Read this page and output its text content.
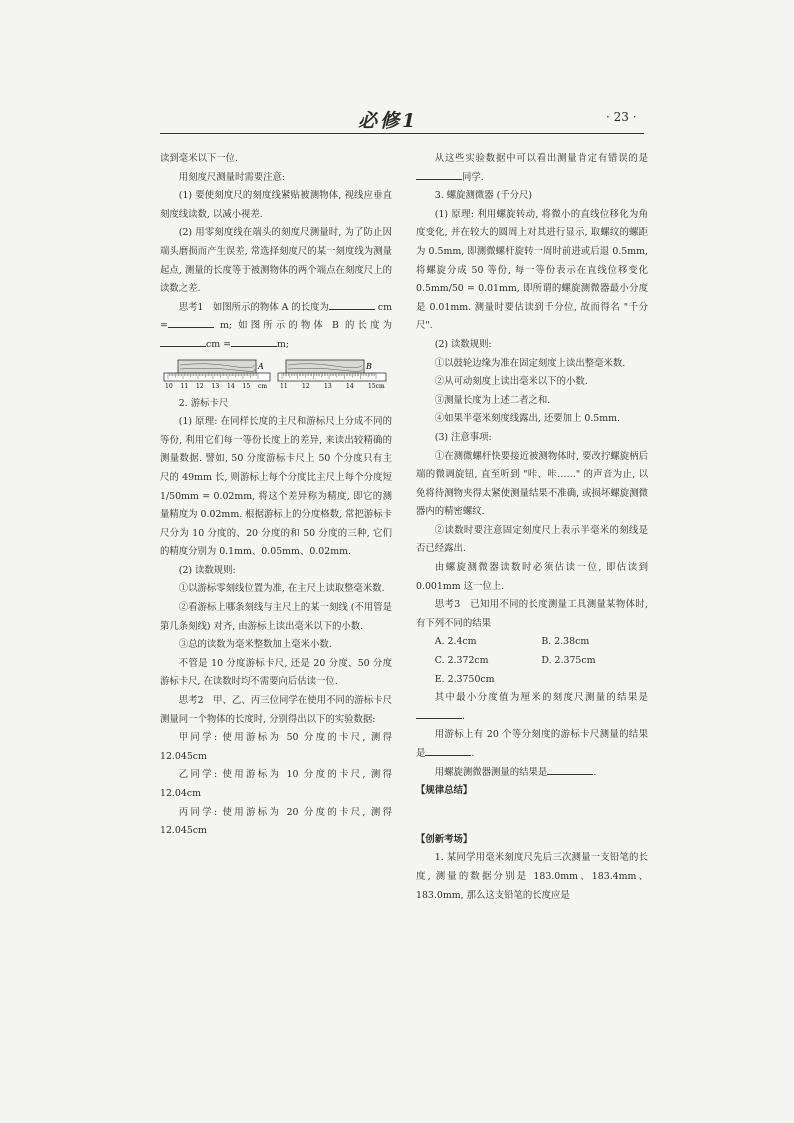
必修1	· 23 ·

读到毫米以下一位.

用刻度尺测量时需要注意:

(1) 要使刻度尺的刻度线紧贴被测物体, 视线应垂直刻度线读数, 以减小视差.

(2) 用零刻度线在端头的刻度尺测量时, 为了防止因端头磨损而产生误差, 常选择刻度尺的某一刻度线为测量起点, 测量的长度等于被测物体的两个端点在刻度尺上的读数之差.

思考1　如图所示的物体 A 的长度为	cm =	m; 如图所示的物体 B 的长度为 cm =	m;

A	B
10 11 12 13 14 15 cm 11 12 13 14 15cm

2. 游标卡尺

(1) 原理: 在同样长度的主尺和游标尺上分成不同的等份, 利用它们每一等份长度上的差异, 来读出较精确的测量数据. 譬如, 50 分度游标卡尺上 50 个分度只有主尺的 49mm 长, 则游标上每个分度比主尺上每个分度短 1/50mm = 0.02mm, 将这个差异称为精度, 即它的测量精度为 0.02mm. 根据游标上的分度格数, 常把游标卡尺分为 10 分度的、20 分度的和 50 分度的三种, 它们的精度分别为 0.1mm、0.05mm、0.02mm.

(2) 读数规则:

①以游标零刻线位置为准, 在主尺上读取整毫米数.

②看游标上哪条刻线与主尺上的某一刻线 (不用管是第几条刻线) 对齐, 由游标上读出毫米以下的小数.

③总的读数为毫米整数加上毫米小数.

不管是 10 分度游标卡尺, 还是 20 分度、50 分度游标卡尺, 在读数时均不需要向后估读一位.

思考2　甲、乙、丙三位同学在使用不同的游标卡尺测量同一个物体的长度时, 分别得出以下的实验数据:

甲同学: 使用游标为 50 分度的卡尺, 测得 12.045cm

乙同学: 使用游标为 10 分度的卡尺, 测得 12.04cm

丙同学: 使用游标为 20 分度的卡尺, 测得 12.045cm

从这些实验数据中可以看出测量肯定有错误的是同学.

3. 螺旋测微器 (千分尺)

(1) 原理: 利用螺旋转动, 将微小的直线位移化为角度变化, 并在较大的圆周上对其进行显示, 取螺纹的螺距为 0.5mm, 即测微螺杆旋转一周时前进或后退 0.5mm, 将螺旋分成 50 等份, 每一等份表示在直线位移变化 0.5mm/50 = 0.01mm, 即所谓的螺旋测微器最小分度是 0.01mm. 测量时要估读到千分位, 故而得名 "千分尺".

(2) 读数规则:

①以鼓轮边缘为准在固定刻度上读出整毫米数.

②从可动刻度上读出毫米以下的小数.

③测量长度为上述二者之和.

④如果半毫米刻度线露出, 还要加上 0.5mm.

(3) 注意事项:

①在测微螺杆快要接近被测物体时, 要改拧螺旋柄后端的微调旋钮, 直至听到 "咔、咔……" 的声音为止, 以免将待测物夹得太紧使测量结果不准确, 或损坏螺旋测微器内的精密螺纹.

②读数时要注意固定刻度尺上表示半毫米的刻线是否已经露出.

由螺旋测微器读数时必须估读一位, 即估读到 0.001mm 这一位上.

思考3　已知用不同的长度测量工具测量某物体时, 有下列不同的结果

A. 2.4cm	B. 2.38cm
C. 2.372cm	D. 2.375cm
E. 2.3750cm

其中最小分度值为厘米的刻度尺测量的结果是.

用游标上有 20 个等分刻度的游标卡尺测量的结果是	.

用螺旋测微器测量的结果是	.

【规律总结】

【创新考场】

1. 某同学用毫米刻度尺先后三次测量一支铅笔的长度, 测量的数据分别是 183.0mm、183.4mm、183.0mm, 那么这支铅笔的长度应是
